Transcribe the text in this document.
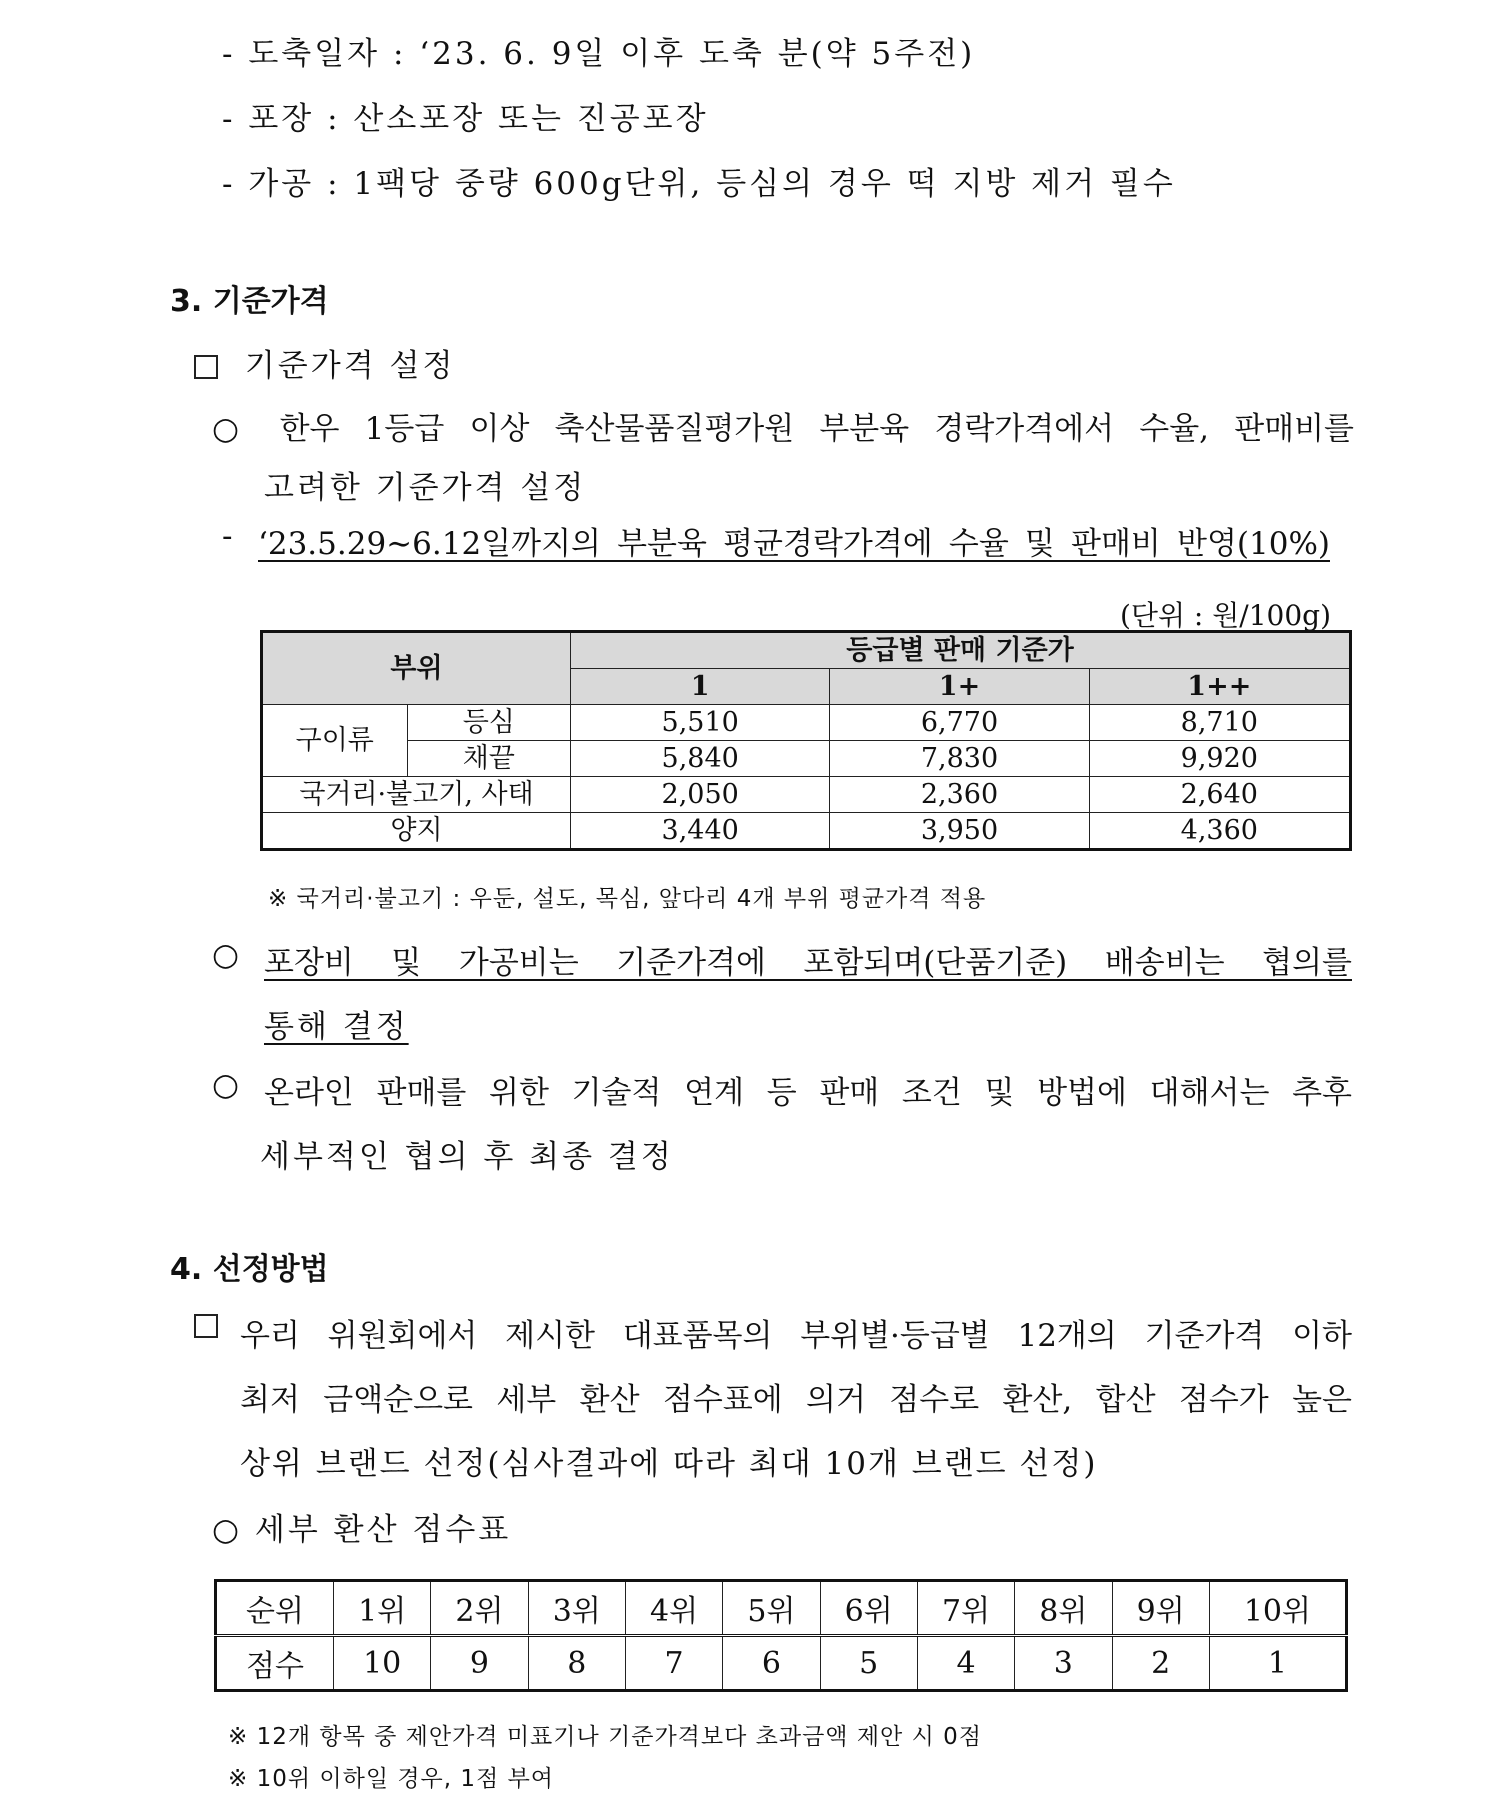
- 도축일자 : ‘23. 6. 9일 이후 도축 분(약 5주전)
- 포장 : 산소포장 또는 진공포장
- 가공 : 1팩당 중량 600g단위, 등심의 경우 떡 지방 제거 필수
3. 기준가격
기준가격 설정
○ 한우 1등급 이상 축산물품질평가원 부분육 경락가격에서 수율, 판매비를
고려한 기준가격 설정
- ‘23.5.29∼6.12일까지의 부분육 평균경락가격에 수율 및 판매비 반영(10%)
(단위 : 원/100g)
부위		등급별 판매 기준가		
		1	1+	1++
구이류	등심	5,510	6,770	8,710
	채끝	5,840	7,830	9,920
국거리·불고기, 사태		2,050	2,360	2,640
양지		3,440	3,950	4,360
※ 국거리·불고기 : 우둔, 설도, 목심, 앞다리 4개 부위 평균가격 적용
○ 포장비 및 가공비는 기준가격에 포함되며(단품기준) 배송비는 협의를
통해 결정
○ 온라인 판매를 위한 기술적 연계 등 판매 조건 및 방법에 대해서는 추후
세부적인 협의 후 최종 결정
4. 선정방법
우리 위원회에서 제시한 대표품목의 부위별·등급별 12개의 기준가격 이하
최저 금액순으로 세부 환산 점수표에 의거 점수로 환산, 합산 점수가 높은
상위 브랜드 선정(심사결과에 따라 최대 10개 브랜드 선정)
○ 세부 환산 점수표
순위	1위	2위	3위	4위	5위	6위	7위	8위	9위	10위
점수	10	9	8	7	6	5	4	3	2	1
※ 12개 항목 중 제안가격 미표기나 기준가격보다 초과금액 제안 시 0점
※ 10위 이하일 경우, 1점 부여
